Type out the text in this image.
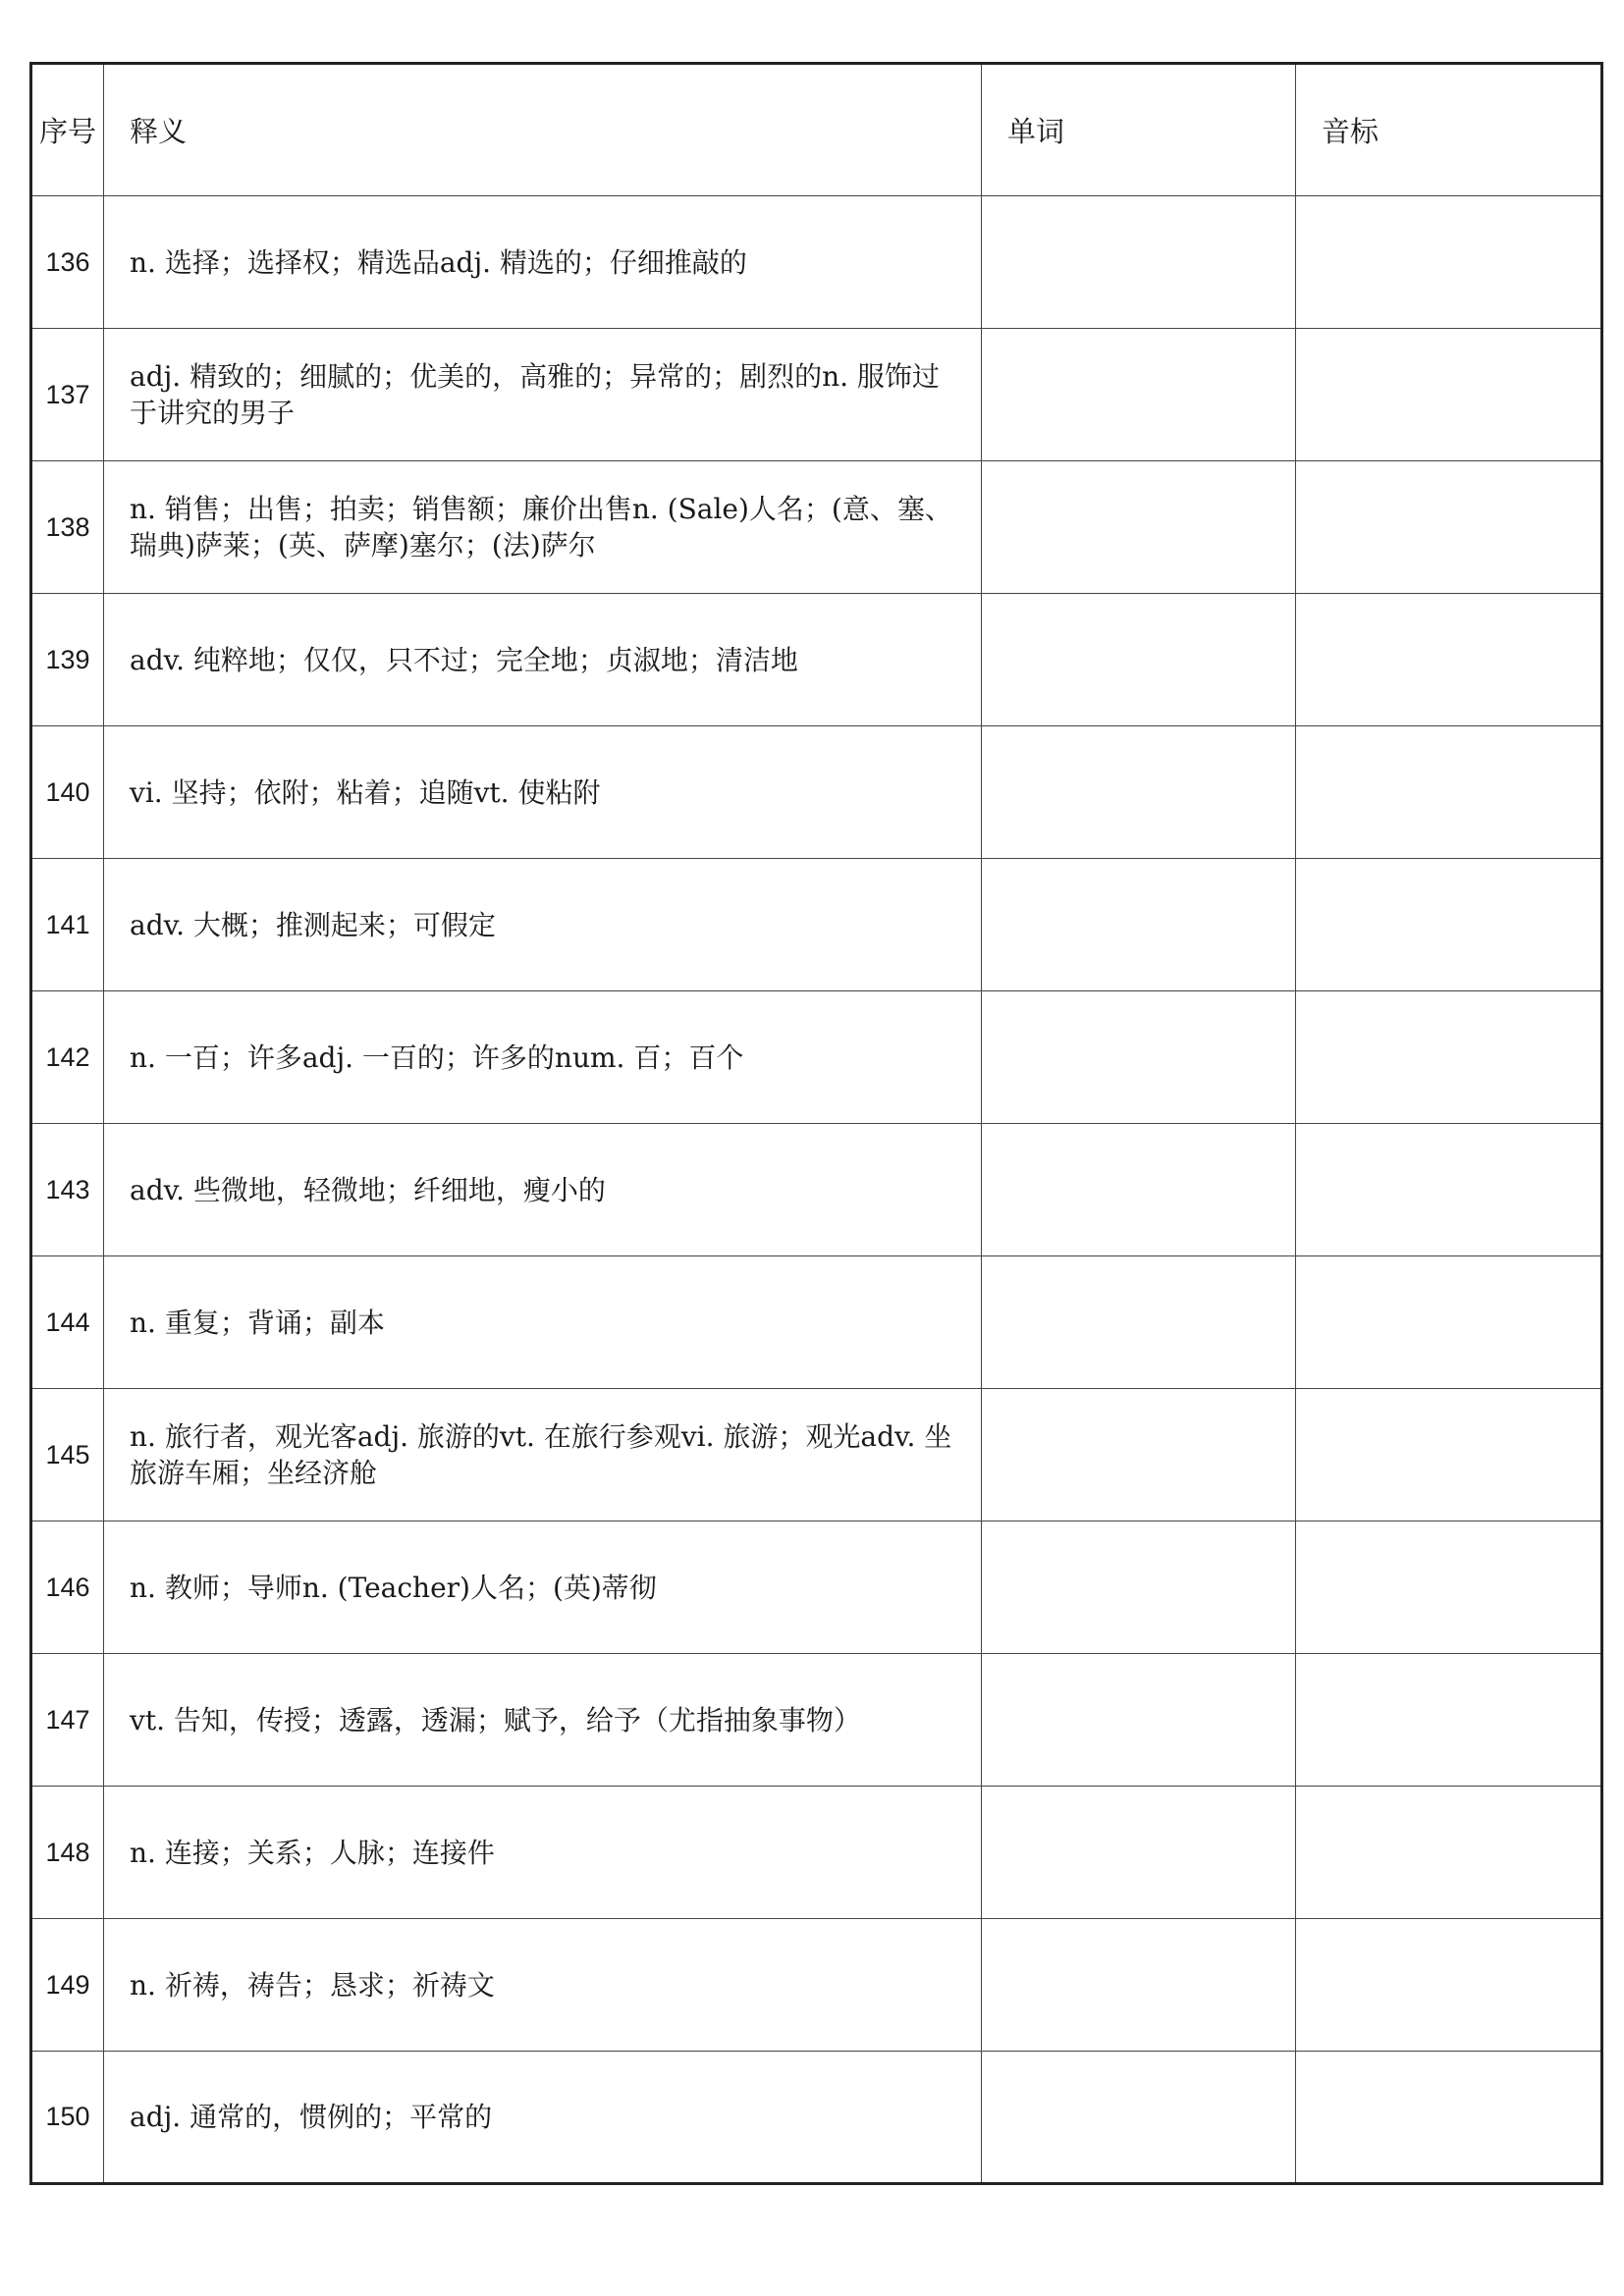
序号	释义	单词	音标
136	n. 选择；选择权；精选品adj. 精选的；仔细推敲的		
137	adj. 精致的；细腻的；优美的，高雅的；异常的；剧烈的n. 服饰过于讲究的男子		
138	n. 销售；出售；拍卖；销售额；廉价出售n. (Sale)人名；(意、塞、瑞典)萨莱；(英、萨摩)塞尔；(法)萨尔		
139	adv. 纯粹地；仅仅，只不过；完全地；贞淑地；清洁地		
140	vi. 坚持；依附；粘着；追随vt. 使粘附		
141	adv. 大概；推测起来；可假定		
142	n. 一百；许多adj. 一百的；许多的num. 百；百个		
143	adv. 些微地，轻微地；纤细地，瘦小的		
144	n. 重复；背诵；副本		
145	n. 旅行者，观光客adj. 旅游的vt. 在旅行参观vi. 旅游；观光adv. 坐旅游车厢；坐经济舱		
146	n. 教师；导师n. (Teacher)人名；(英)蒂彻		
147	vt. 告知，传授；透露，透漏；赋予，给予（尤指抽象事物）		
148	n. 连接；关系；人脉；连接件		
149	n. 祈祷，祷告；恳求；祈祷文		
150	adj. 通常的，惯例的；平常的		
